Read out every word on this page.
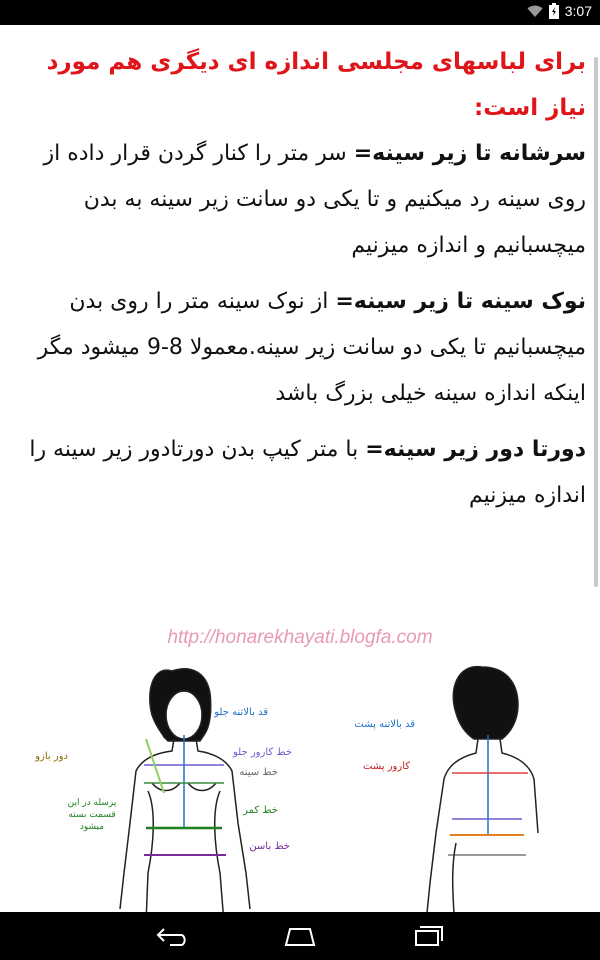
3:07

برای لباسهای مجلسی اندازه ای دیگری هم مورد نیاز است:

سرشانه تا زیر سینه= سر متر را کنار گردن قرار داده از روی سینه رد میکنیم و تا یکی دو سانت زیر سینه به بدن میچسبانیم و اندازه میزنیم

نوک سینه تا زیر سینه= از نوک سینه متر را روی بدن میچسبانیم تا یکی دو سانت زیر سینه.معمولا 8-9 میشود مگر اینکه اندازه سینه خیلی بزرگ باشد

دورتا دور زیر سینه= با متر کیپ بدن دورتادور زیر سینه را اندازه میزنیم

http://honarekhayati.blogfa.com
قد بالاتنه جلو
خط کارور جلو
خط سینه
خط کمر
خط باسن
دور بازو
پرسله در این قسمت بسته میشود
قد بالاتنه پشت
کارور پشت
